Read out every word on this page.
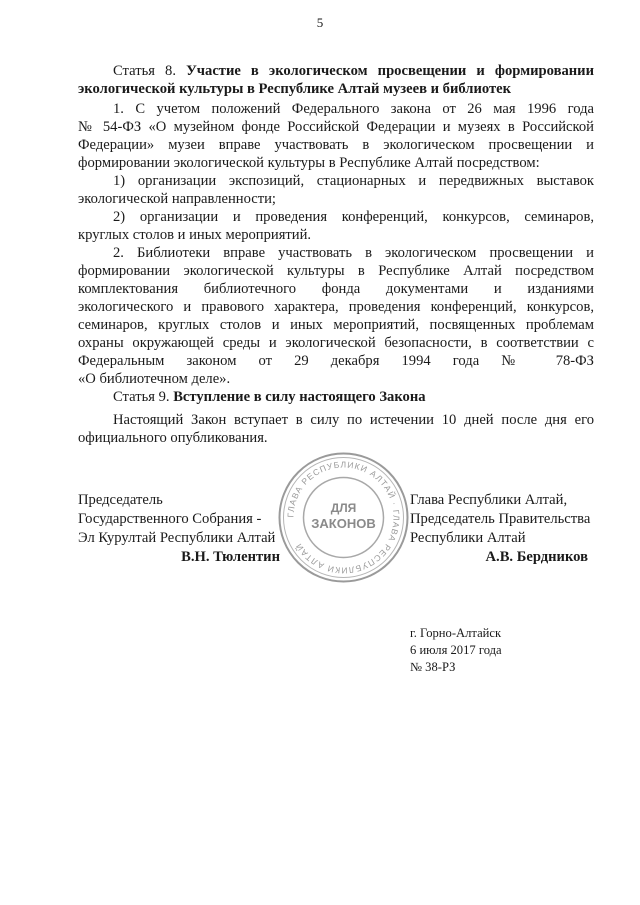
5
Статья 8. Участие в экологическом просвещении и формировании
экологической культуры в Республике Алтай музеев и библиотек
1. С учетом положений Федерального закона от 26 мая 1996 года
№ 54-ФЗ «О музейном фонде Российской Федерации и музеях в Российской
Федерации» музеи вправе участвовать в экологическом просвещении и
формировании экологической культуры в Республике Алтай посредством:
1) организации экспозиций, стационарных и передвижных выставок
экологической направленности;
2) организации и проведения конференций, конкурсов, семинаров,
круглых столов и иных мероприятий.
2. Библиотеки вправе участвовать в экологическом просвещении и
формировании экологической культуры в Республике Алтай посредством
комплектования библиотечного фонда документами и изданиями
экологического и правового характера, проведения конференций, конкурсов,
семинаров, круглых столов и иных мероприятий, посвященных проблемам
охраны окружающей среды и экологической безопасности, в соответствии с
Федеральным законом от 29 декабря 1994 года № 78-ФЗ
«О библиотечном деле».
Статья 9. Вступление в силу настоящего Закона
Настоящий Закон вступает в силу по истечении 10 дней после дня его
официального опубликования.
ГЛАВА РЕСПУБЛИКИ АЛТАЙ · ГЛАВА РЕСПУБЛИКИ АЛТАЙ
ДЛЯ
ЗАКОНОВ
Председатель
Государственного Собрания -
Эл Курултай Республики Алтай
В.Н. Тюлентин
Глава Республики Алтай,
Председатель Правительства
Республики Алтай
А.В. Бердников
г. Горно-Алтайск
6 июля 2017 года
№ 38-РЗ
